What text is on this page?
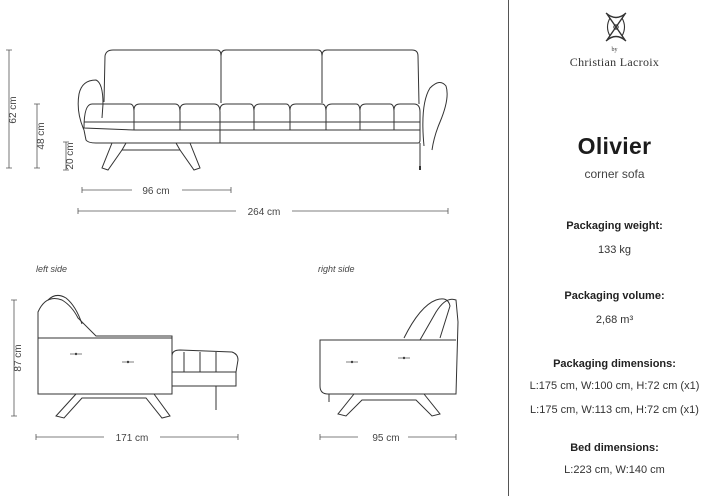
62 cm
48 cm
20 cm
96 cm
264 cm
left side	right side
87 cm
171 cm	95 cm
by
Christian Lacroix
Olivier
corner sofa
Packaging weight:
133 kg
Packaging volume:
2,68 m³
Packaging dimensions:
L:175 cm, W:100 cm, H:72 cm (x1)
L:175 cm, W:113 cm, H:72 cm (x1)
Bed dimensions:
L:223 cm, W:140 cm
